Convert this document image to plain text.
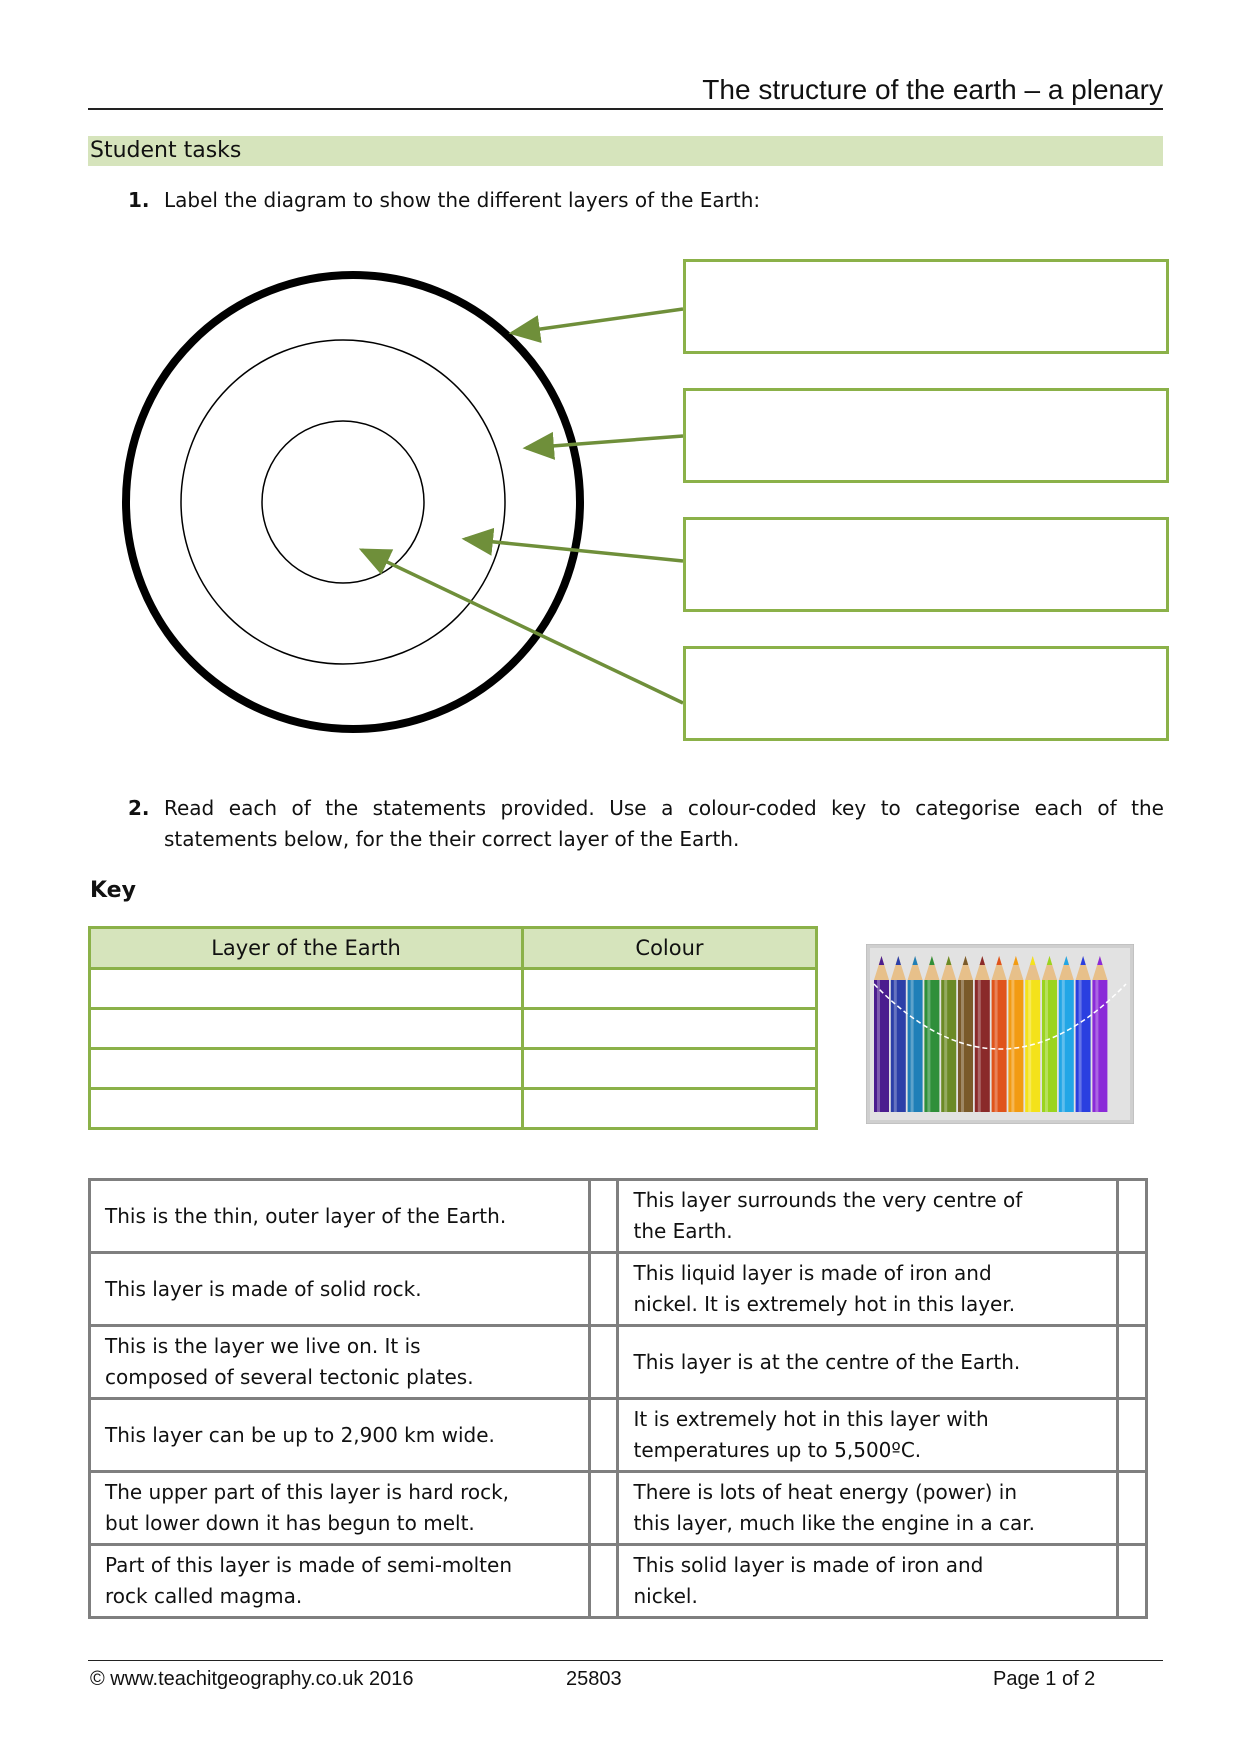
The structure of the earth – a plenary
Student tasks
1. Label the diagram to show the different layers of the Earth:
2. Read each of the statements provided. Use a colour-coded key to categorise each of the
statements below, for the their correct layer of the Earth.
Key
Layer of the Earth	Colour

This is the thin, outer layer of the Earth.		This layer surrounds the very centre of
the Earth.	
This layer is made of solid rock.		This liquid layer is made of iron and
nickel. It is extremely hot in this layer.	
This is the layer we live on. It is
composed of several tectonic plates.		This layer is at the centre of the Earth.	
This layer can be up to 2,900 km wide.		It is extremely hot in this layer with
temperatures up to 5,500ºC.	
The upper part of this layer is hard rock,
but lower down it has begun to melt.		There is lots of heat energy (power) in
this layer, much like the engine in a car.	
Part of this layer is made of semi-molten
rock called magma.		This solid layer is made of iron and
nickel.	
© www.teachitgeography.co.uk 2016	25803	Page 1 of 2
